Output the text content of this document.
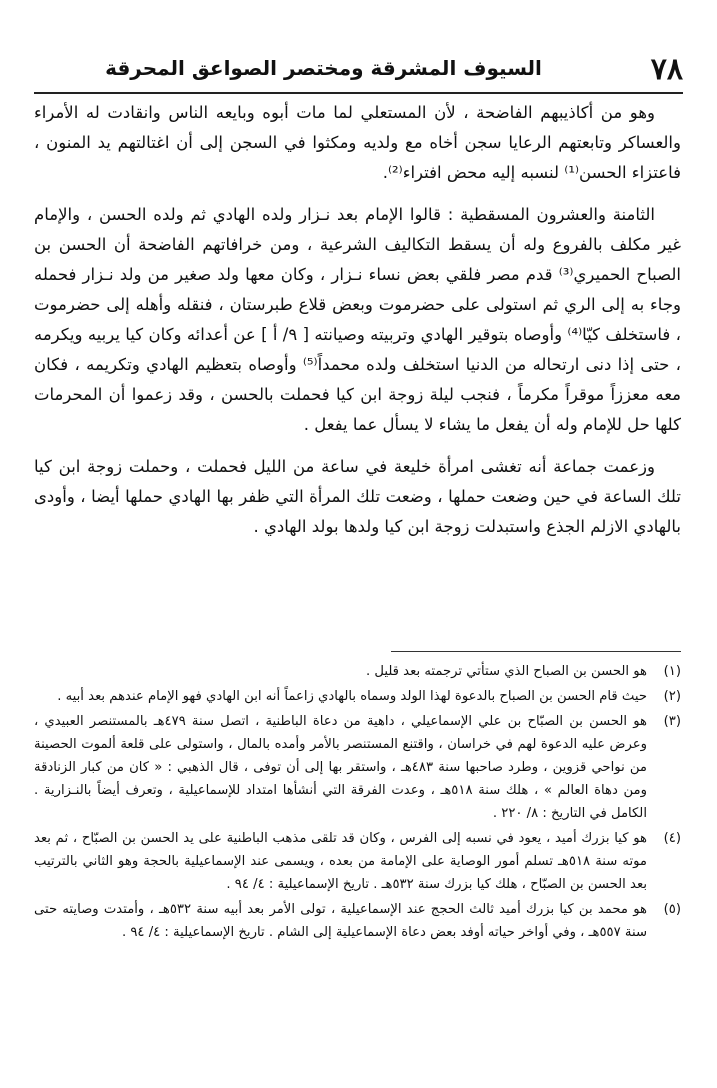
٧٨
السيوف المشرقة ومختصر الصواعق المحرقة

وهو من أكاذيبهم الفاضحة ، لأن المستعلي لما مات أبوه وبايعه الناس وانقادت له الأمراء والعساكر وتابعتهم الرعايا سجن أخاه مع ولديه ومكثوا في السجن إلى أن اغتالتهم يد المنون ، فاعتزاء الحسن⁽¹⁾ لنسبه إليه محض افتراء⁽²⁾.

الثامنة والعشرون المسقطية : قالوا الإمام بعد نـزار ولده الهادي ثم ولده الحسن ، والإمام غير مكلف بالفروع وله أن يسقط التكاليف الشرعية ، ومن خرافاتهم الفاضحة أن الحسن بن الصباح الحميري⁽³⁾ قدم مصر فلقي بعض نساء نـزار ، وكان معها ولد صغير من ولد نـزار فحمله وجاء به إلى الري ثم استولى على حضرموت وبعض قلاع طبرستان ، فنقله وأهله إلى حضرموت ، فاستخلف كيّا⁽⁴⁾ وأوصاه بتوقير الهادي وتربيته وصيانته [ ٩/ أ ] عن أعدائه وكان كيا يربيه ويكرمه ، حتى إذا دنى ارتحاله من الدنيا استخلف ولده محمداً⁽⁵⁾ وأوصاه بتعظيم الهادي وتكريمه ، فكان معه معززاً موقراً مكرماً ، فنجب ليلة زوجة ابن كيا فحملت بالحسن ، وقد زعموا أن المحرمات كلها حل للإمام وله أن يفعل ما يشاء لا يسأل عما يفعل .

وزعمت جماعة أنه تغشى امرأة خليعة في ساعة من الليل فحملت ، وحملت زوجة ابن كيا تلك الساعة في حين وضعت حملها ، وضعت تلك المرأة التي ظفر بها الهادي حملها أيضا ، وأودى بالهادي الازلم الجذع واستبدلت زوجة ابن كيا ولدها بولد الهادي .

(١)
هو الحسن بن الصباح الذي ستأتي ترجمته بعد قليل .
(٢)
حيث قام الحسن بن الصباح بالدعوة لهذا الولد وسماه بالهادي زاعماً أنه ابن الهادي فهو الإمام عندهم بعد أبيه .
(٣)
هو الحسن بن الصبّاح بن علي الإسماعيلي ، داهية من دعاة الباطنية ، اتصل سنة ٤٧٩هـ بالمستنصر العبيدي ، وعرض عليه الدعوة لهم في خراسان ، واقتنع المستنصر بالأمر وأمده بالمال ، واستولى على قلعة ألموت الحصينة من نواحي قزوين ، وطرد صاحبها سنة ٤٨٣هـ ، واستقر بها إلى أن توفى ، قال الذهبي : « كان من كبار الزنادقة ومن دهاة العالم » ، هلك سنة ٥١٨هـ ، وعدت الفرقة التي أنشأها امتداد للإسماعيلية ، وتعرف أيضاً بالنـزارية . الكامل في التاريخ : ٨/ ٢٢٠ .
(٤)
هو كيا بزرك أميد ، يعود في نسبه إلى الفرس ، وكان قد تلقى مذهب الباطنية على يد الحسن بن الصبّاح ، ثم بعد موته سنة ٥١٨هـ تسلم أمور الوصاية على الإمامة من بعده ، ويسمى عند الإسماعيلية بالحجة وهو الثاني بالترتيب بعد الحسن بن الصبّاح ، هلك كيا بزرك سنة ٥٣٢هـ . تاريخ الإسماعيلية : ٤/ ٩٤ .
(٥)
هو محمد بن كيا بزرك أميد ثالث الحجج عند الإسماعيلية ، تولى الأمر بعد أبيه سنة ٥٣٢هـ ، وأمتدت وصايته حتى سنة ٥٥٧هـ ، وفي أواخر حياته أوفد بعض دعاة الإسماعيلية إلى الشام . تاريخ الإسماعيلية : ٤/ ٩٤ .
